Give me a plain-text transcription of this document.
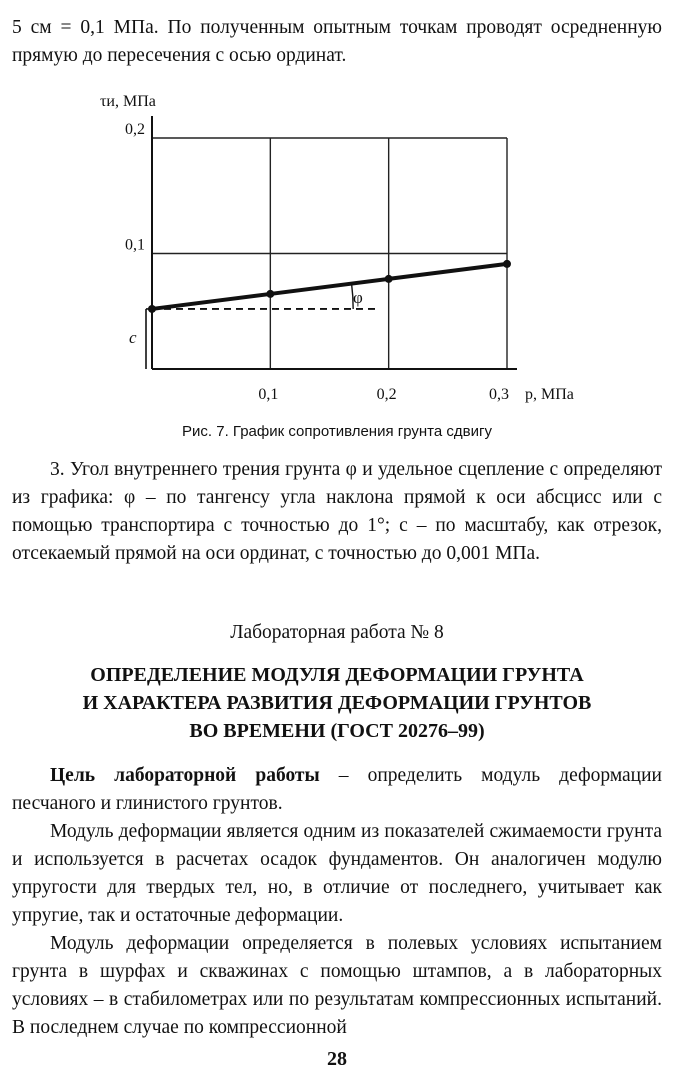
5 см = 0,1 МПа. По полученным опытным точкам проводят осредненную прямую до пересечения с осью ординат.
τи, МПа
p, МПа
0,1	0,2	0,3
0,1
0,2
c
φ
Рис. 7. График сопротивления грунта сдвигу
3. Угол внутреннего трения грунта φ и удельное сцепление c определяют из графика: φ – по тангенсу угла наклона прямой к оси абсцисс или с помощью транспортира с точностью до 1°; c – по масштабу, как отрезок, отсекаемый прямой на оси ординат, с точностью до 0,001 МПа.
Лабораторная работа № 8
ОПРЕДЕЛЕНИЕ МОДУЛЯ ДЕФОРМАЦИИ ГРУНТА
И ХАРАКТЕРА РАЗВИТИЯ ДЕФОРМАЦИИ ГРУНТОВ
ВО ВРЕМЕНИ (ГОСТ 20276–99)

Цель лабораторной работы – определить модуль деформации песчаного и глинистого грунтов.

Модуль деформации является одним из показателей сжимаемости грунта и используется в расчетах осадок фундаментов. Он аналогичен модулю упругости для твердых тел, но, в отличие от последнего, учитывает как упругие, так и остаточные деформации.

Модуль деформации определяется в полевых условиях испытанием грунта в шурфах и скважинах с помощью штампов, а в лабораторных условиях – в стабилометрах или по результатам компрессионных испытаний. В последнем случае по компрессионной

28
